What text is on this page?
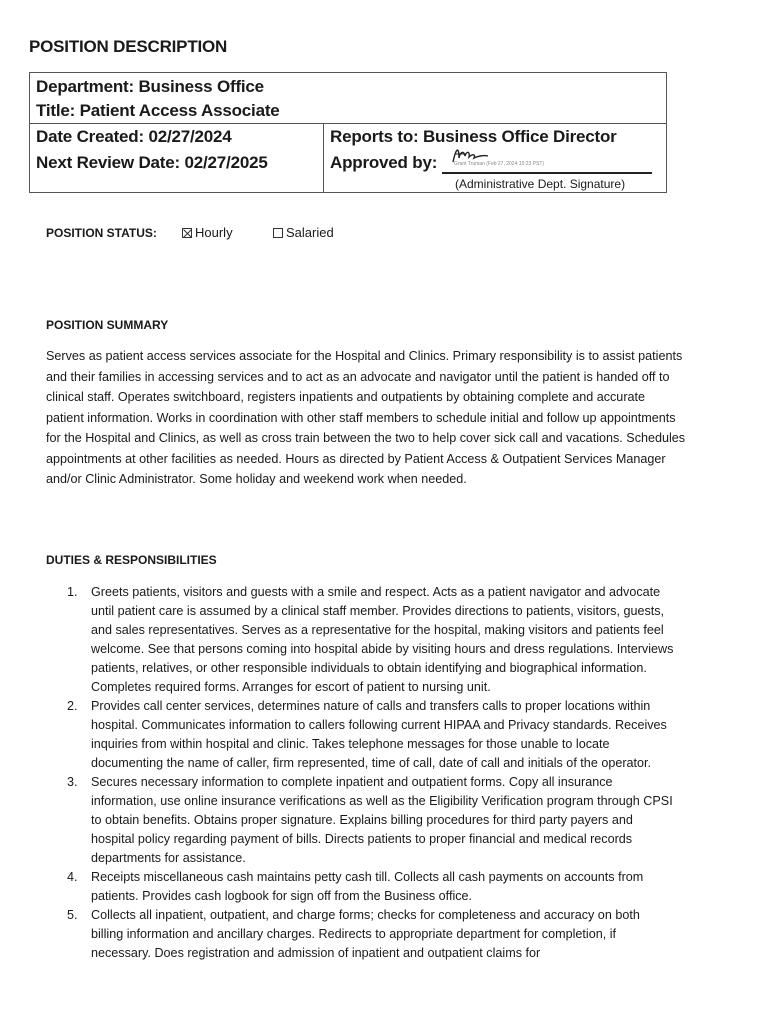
POSITION DESCRIPTION
Department: Business Office
Title: Patient Access Associate
Date Created: 02/27/2024
Next Review Date: 02/27/2025
Reports to: Business Office Director
Approved by:	Grant Truman (Feb 27, 2024 15:23 PST)
(Administrative Dept. Signature)
POSITION STATUS:	Hourly	Salaried
POSITION SUMMARY

Serves as patient access services associate for the Hospital and Clinics. Primary responsibility is to assist patients and their families in accessing services and to act as an advocate and navigator until the patient is handed off to clinical staff. Operates switchboard, registers inpatients and outpatients by obtaining complete and accurate patient information. Works in coordination with other staff members to schedule initial and follow up appointments for the Hospital and Clinics, as well as cross train between the two to help cover sick call and vacations. Schedules appointments at other facilities as needed. Hours as directed by Patient Access & Outpatient Services Manager and/or Clinic Administrator. Some holiday and weekend work when needed.

DUTIES & RESPONSIBILITIES
1. Greets patients, visitors and guests with a smile and respect. Acts as a patient navigator and advocate until patient care is assumed by a clinical staff member. Provides directions to patients, visitors, guests, and sales representatives. Serves as a representative for the hospital, making visitors and patients feel welcome. See that persons coming into hospital abide by visiting hours and dress regulations. Interviews patients, relatives, or other responsible individuals to obtain identifying and biographical information. Completes required forms. Arranges for escort of patient to nursing unit.
2. Provides call center services, determines nature of calls and transfers calls to proper locations within hospital. Communicates information to callers following current HIPAA and Privacy standards. Receives inquiries from within hospital and clinic. Takes telephone messages for those unable to locate documenting the name of caller, firm represented, time of call, date of call and initials of the operator.
3. Secures necessary information to complete inpatient and outpatient forms. Copy all insurance information, use online insurance verifications as well as the Eligibility Verification program through CPSI to obtain benefits. Obtains proper signature. Explains billing procedures for third party payers and hospital policy regarding payment of bills. Directs patients to proper financial and medical records departments for assistance.
4. Receipts miscellaneous cash maintains petty cash till. Collects all cash payments on accounts from patients. Provides cash logbook for sign off from the Business office.
5. Collects all inpatient, outpatient, and charge forms; checks for completeness and accuracy on both billing information and ancillary charges. Redirects to appropriate department for completion, if necessary. Does registration and admission of inpatient and outpatient claims for
